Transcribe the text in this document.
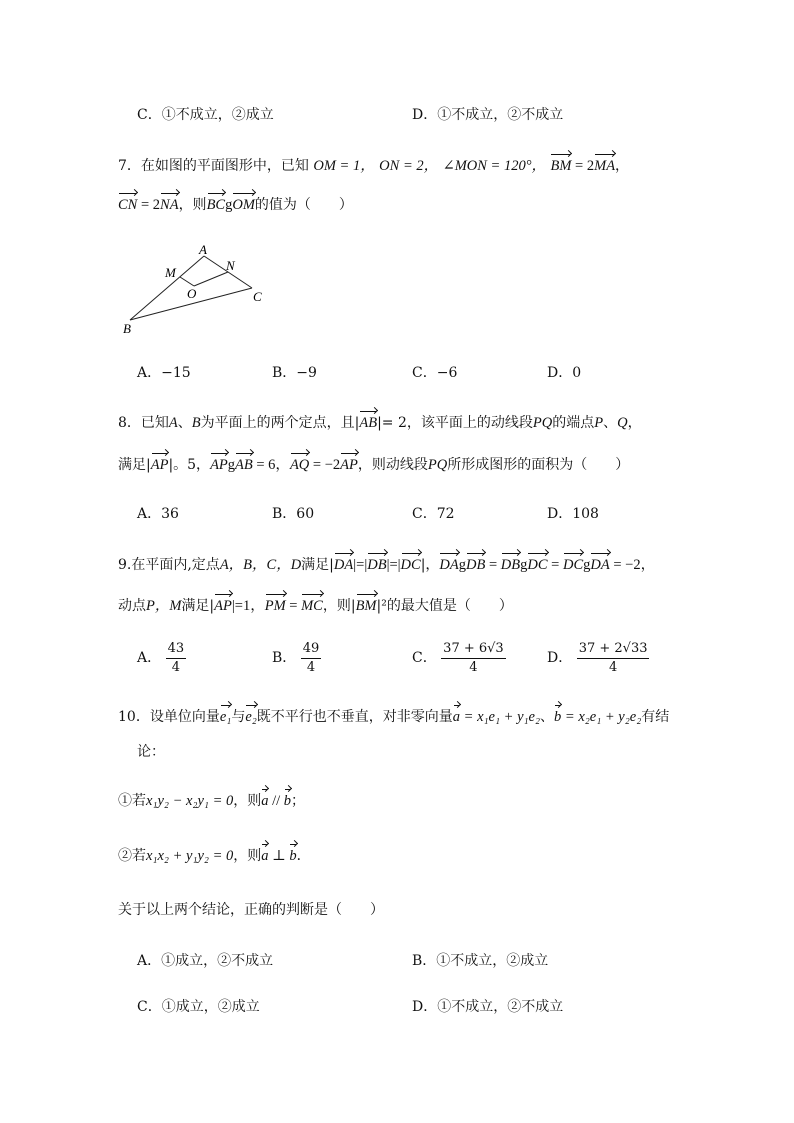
C．①不成立，②成立	D．①不成立，②不成立
7．在如图的平面图形中，已知 OM = 1， ON = 2， ∠MON = 120°， BM = 2MA，
CN = 2NA，则BCgOM的值为（　　）
A
M	N
O	C
B
A．−15	B．−9	C．−6	D．0
8．已知A、B为平面上的两个定点，且|AB|= 2，该平面上的动线段PQ的端点P、Q，
满足|AP|。5，APgAB = 6，AQ = −2AP，则动线段PQ所形成图形的面积为（　　）
A．36	B．60	C．72	D．108
9.在平面内,定点A，B，C，D满足|DA|=|DB|=|DC|，DAgDB = DBgDC = DCgDA = −2，
动点P，M满足|AP|=1，PM = MC，则|BM|²的最大值是（　　）
A． $\frac{43}{4}$	B． $\frac{49}{4}$	C． $\frac{37 + 6√3}{4}$	D． $\frac{37 + 2√33}{4}$
10．设单位向量e₁与e₂既不平行也不垂直，对非零向量a = x₁e₁ + y₁e₂、b = x₂e₁ + y₂e₂有结
论：
①若x₁y₂ − x₂y₁ = 0，则a // b；
②若x₁x₂ + y₁y₂ = 0，则a ⊥ b．
关于以上两个结论，正确的判断是（　　）
A．①成立，②不成立	B．①不成立，②成立
C．①成立，②成立	D．①不成立，②不成立
